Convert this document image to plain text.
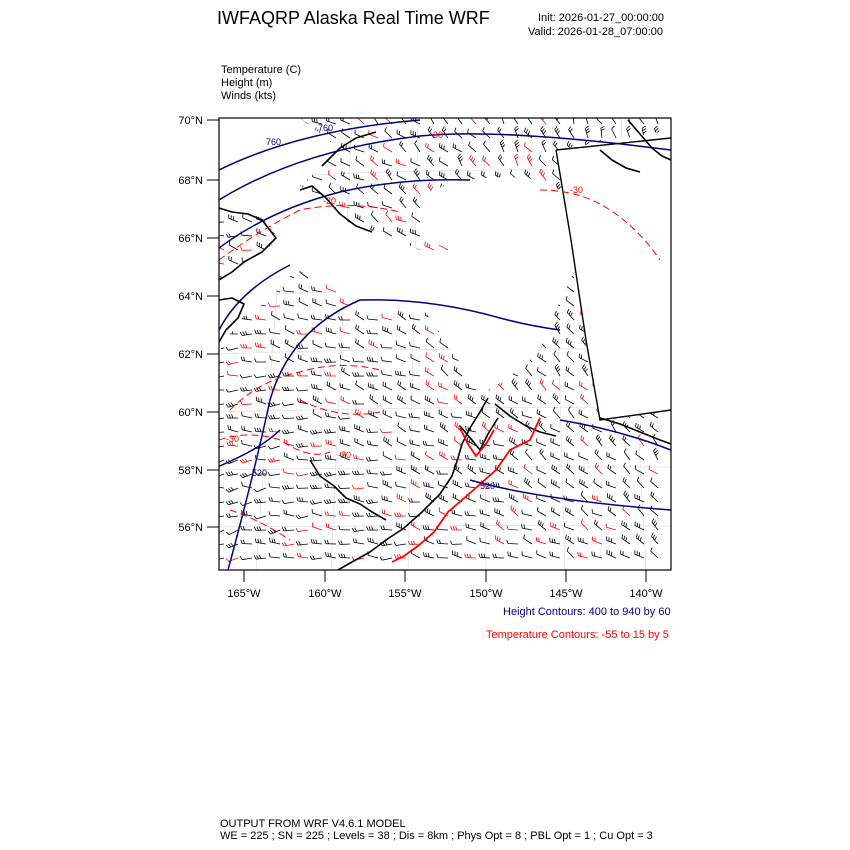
IWFAQRP Alaska Real Time WRF	Init: 2026-01-27_00:00:00
Valid: 2026-01-28_07:00:00
Temperature (C)
Height (m)
Winds (kts)
760
760
520
520
-30
-30
-20
-30
-20
70°N
68°N
66°N
64°N
62°N
60°N
58°N
56°N
165°W	160°W	155°W	150°W	145°W	140°W
Height Contours: 400 to 940 by 60
Temperature Contours: -55 to 15 by 5
OUTPUT FROM WRF V4.6.1 MODEL
WE = 225 ; SN = 225 ; Levels = 38 ; Dis = 8km ; Phys Opt = 8 ; PBL Opt = 1 ; Cu Opt = 3
